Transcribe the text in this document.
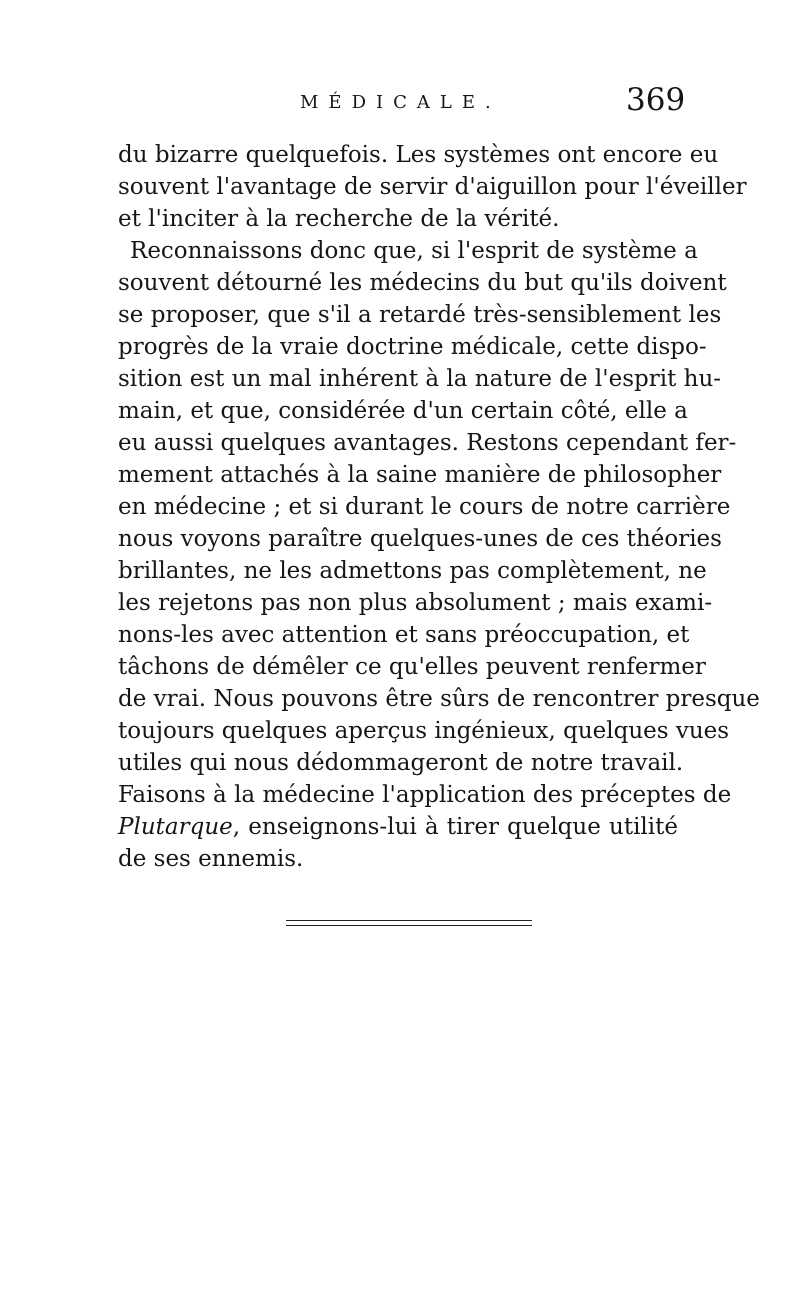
MÉDICALE.	369
du bizarre quelquefois. Les systèmes ont encore eu
souvent l'avantage de servir d'aiguillon pour l'éveiller
et l'inciter à la recherche de la vérité.
Reconnaissons donc que, si l'esprit de système a
souvent détourné les médecins du but qu'ils doivent
se proposer, que s'il a retardé très-sensiblement les
progrès de la vraie doctrine médicale, cette dispo-
sition est un mal inhérent à la nature de l'esprit hu-
main, et que, considérée d'un certain côté, elle a
eu aussi quelques avantages. Restons cependant fer-
mement attachés à la saine manière de philosopher
en médecine ; et si durant le cours de notre carrière
nous voyons paraître quelques-unes de ces théories
brillantes, ne les admettons pas complètement, ne
les rejetons pas non plus absolument ; mais exami-
nons-les avec attention et sans préoccupation, et
tâchons de démêler ce qu'elles peuvent renfermer
de vrai. Nous pouvons être sûrs de rencontrer presque
toujours quelques aperçus ingénieux, quelques vues
utiles qui nous dédommageront de notre travail.
Faisons à la médecine l'application des préceptes de
Plutarque, enseignons-lui à tirer quelque utilité
de ses ennemis.
